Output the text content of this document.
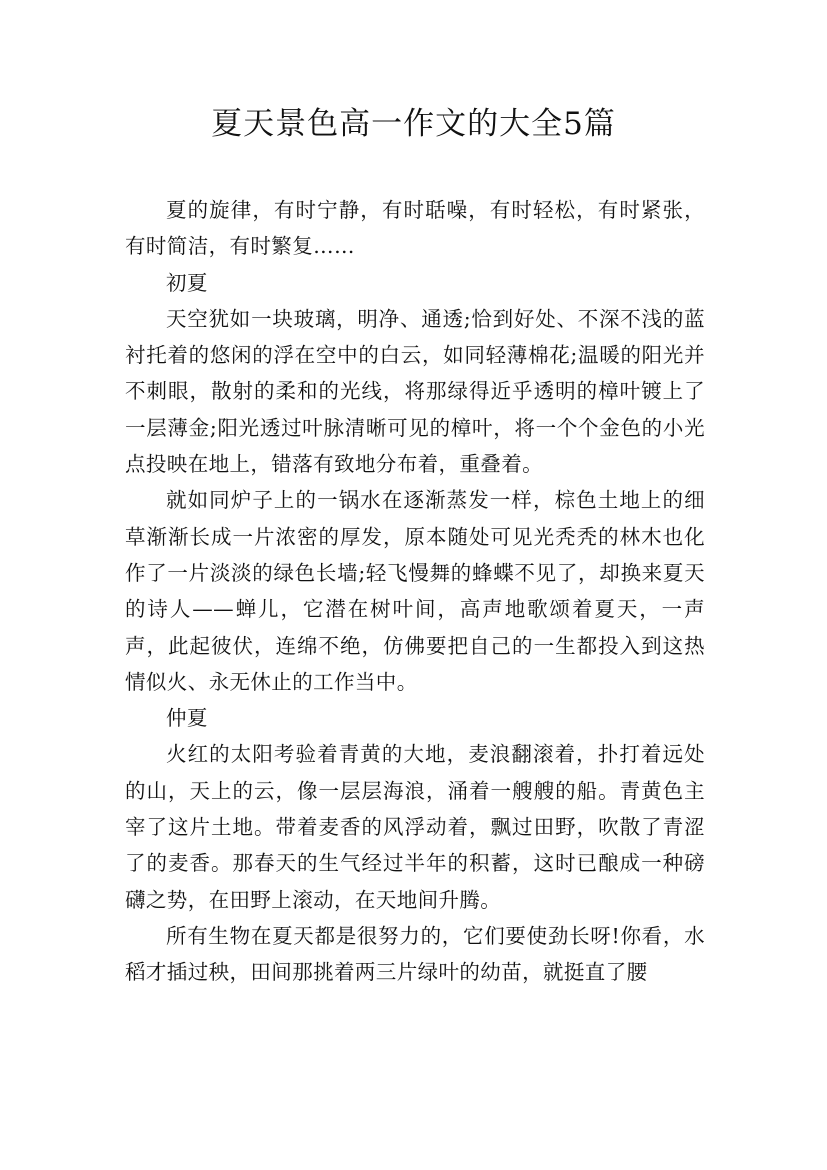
夏天景色高一作文的大全5篇

夏的旋律，有时宁静，有时聒噪，有时轻松，有时紧张，有时简洁，有时繁复……

初夏

天空犹如一块玻璃，明净、通透;恰到好处、不深不浅的蓝衬托着的悠闲的浮在空中的白云，如同轻薄棉花;温暖的阳光并不刺眼，散射的柔和的光线，将那绿得近乎透明的樟叶镀上了一层薄金;阳光透过叶脉清晰可见的樟叶，将一个个金色的小光点投映在地上，错落有致地分布着，重叠着。

就如同炉子上的一锅水在逐渐蒸发一样，棕色土地上的细草渐渐长成一片浓密的厚发，原本随处可见光秃秃的林木也化作了一片淡淡的绿色长墙;轻飞慢舞的蜂蝶不见了，却换来夏天的诗人——蝉儿，它潜在树叶间，高声地歌颂着夏天，一声声，此起彼伏，连绵不绝，仿佛要把自己的一生都投入到这热情似火、永无休止的工作当中。

仲夏

火红的太阳考验着青黄的大地，麦浪翻滚着，扑打着远处的山，天上的云，像一层层海浪，涌着一艘艘的船。青黄色主宰了这片土地。带着麦香的风浮动着，飘过田野，吹散了青涩了的麦香。那春天的生气经过半年的积蓄，这时已酿成一种磅礴之势，在田野上滚动，在天地间升腾。

所有生物在夏天都是很努力的，它们要使劲长呀!你看，水稻才插过秧，田间那挑着两三片绿叶的幼苗，就挺直了腰
